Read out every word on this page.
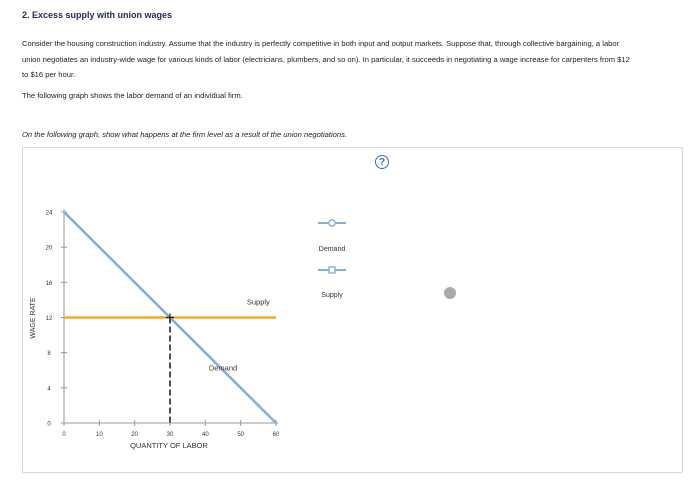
2. Excess supply with union wages
Consider the housing construction industry. Assume that the industry is perfectly competitive in both input and output markets. Suppose that, through collective bargaining, a labor union negotiates an industry-wide wage for various kinds of labor (electricians, plumbers, and so on). In particular, it succeeds in negotiating a wage increase for carpenters from $12 to $16 per hour.
The following graph shows the labor demand of an individual firm.
On the following graph, show what happens at the firm level as a result of the union negotiations.
?
WAGE RATE
QUANTITY OF LABOR
0
4
8
12
16
20
24
0	10	20	30	40	50	60
Supply
Demand
Demand
Supply
